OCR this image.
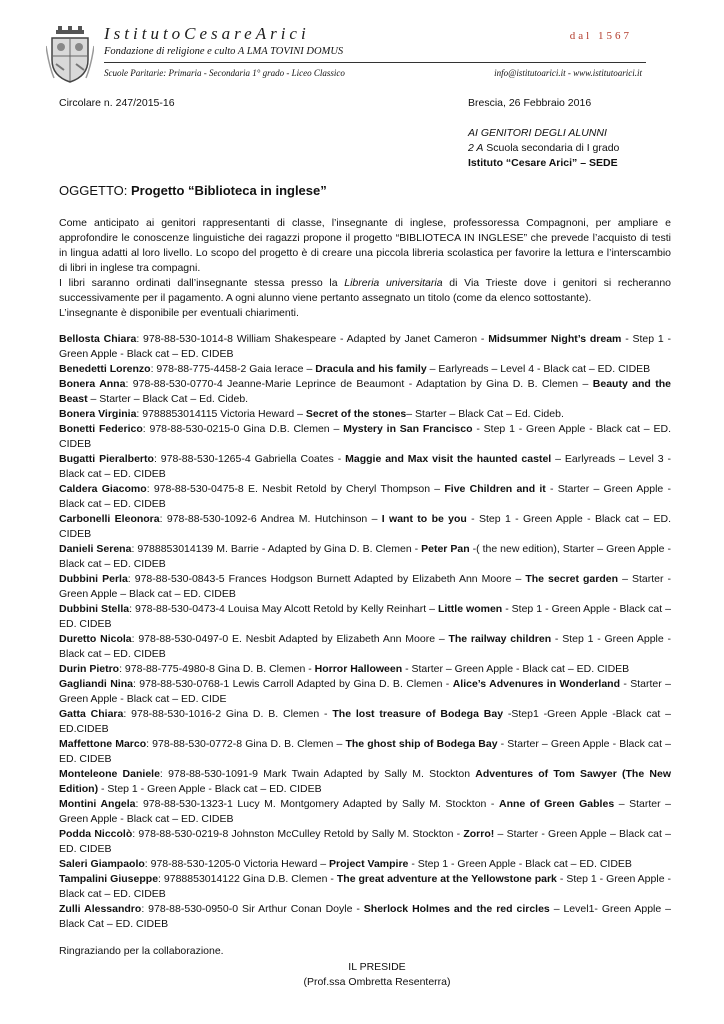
IstitutoCesareArici	dal 1567
Fondazione di religione e culto A LMA TOVINI DOMUS
Scuole Paritarie: Primaria - Secondaria 1° grado - Liceo Classico	info@istitutoarici.it - www.istitutoarici.it
Circolare n. 247/2015-16	Brescia, 26 Febbraio 2016
AI GENITORI DEGLI ALUNNI
2 A Scuola secondaria di I grado
Istituto “Cesare Arici” – SEDE
OGGETTO: Progetto “Biblioteca in inglese”

Come anticipato ai genitori rappresentanti di classe, l’insegnante di inglese, professoressa Compagnoni, per ampliare e approfondire le conoscenze linguistiche dei ragazzi propone il progetto “BIBLIOTECA IN INGLESE” che prevede l’acquisto di testi in lingua adatti al loro livello. Lo scopo del progetto è di creare una piccola libreria scolastica per favorire la lettura e l’interscambio di libri in inglese tra compagni.

I libri saranno ordinati dall’insegnante stessa presso la Libreria universitaria di Via Trieste dove i genitori si recheranno successivamente per il pagamento. A ogni alunno viene pertanto assegnato un titolo (come da elenco sottostante).

L’insegnante è disponibile per eventuali chiarimenti.

Bellosta Chiara: 978-88-530-1014-8 William Shakespeare - Adapted by Janet Cameron - Midsummer Night’s dream - Step 1 - Green Apple - Black cat – ED. CIDEB

Benedetti Lorenzo: 978-88-775-4458-2 Gaia Ierace – Dracula and his family – Earlyreads – Level 4 - Black cat – ED. CIDEB

Bonera Anna: 978-88-530-0770-4 Jeanne-Marie Leprince de Beaumont - Adaptation by Gina D. B. Clemen – Beauty and the Beast – Starter – Black Cat – Ed. Cideb.

Bonera Virginia: 9788853014115 Victoria Heward – Secret of the stones– Starter – Black Cat – Ed. Cideb.

Bonetti Federico: 978-88-530-0215-0 Gina D.B. Clemen – Mystery in San Francisco - Step 1 - Green Apple - Black cat – ED. CIDEB

Bugatti Pieralberto: 978-88-530-1265-4 Gabriella Coates - Maggie and Max visit the haunted castel – Earlyreads – Level 3 - Black cat – ED. CIDEB

Caldera Giacomo: 978-88-530-0475-8 E. Nesbit Retold by Cheryl Thompson – Five Children and it - Starter – Green Apple - Black cat – ED. CIDEB

Carbonelli Eleonora: 978-88-530-1092-6 Andrea M. Hutchinson – I want to be you - Step 1 - Green Apple - Black cat – ED. CIDEB

Danieli Serena: 9788853014139 M. Barrie - Adapted by Gina D. B. Clemen - Peter Pan -( the new edition), Starter – Green Apple - Black cat – ED. CIDEB

Dubbini Perla: 978-88-530-0843-5 Frances Hodgson Burnett Adapted by Elizabeth Ann Moore – The secret garden – Starter - Green Apple – Black cat – ED. CIDEB

Dubbini Stella: 978-88-530-0473-4 Louisa May Alcott Retold by Kelly Reinhart – Little women - Step 1 - Green Apple - Black cat – ED. CIDEB

Duretto Nicola: 978-88-530-0497-0 E. Nesbit Adapted by Elizabeth Ann Moore – The railway children - Step 1 - Green Apple - Black cat – ED. CIDEB

Durin Pietro: 978-88-775-4980-8 Gina D. B. Clemen - Horror Halloween - Starter – Green Apple - Black cat – ED. CIDEB

Gagliandi Nina: 978-88-530-0768-1 Lewis Carroll Adapted by Gina D. B. Clemen - Alice’s Advenures in Wonderland - Starter – Green Apple - Black cat – ED. CIDE

Gatta Chiara: 978-88-530-1016-2 Gina D. B. Clemen - The lost treasure of Bodega Bay -Step1 -Green Apple -Black cat – ED.CIDEB

Maffettone Marco: 978-88-530-0772-8 Gina D. B. Clemen – The ghost ship of Bodega Bay - Starter – Green Apple - Black cat – ED. CIDEB

Monteleone Daniele: 978-88-530-1091-9 Mark Twain Adapted by Sally M. Stockton Adventures of Tom Sawyer (The New Edition) - Step 1 - Green Apple - Black cat – ED. CIDEB

Montini Angela: 978-88-530-1323-1 Lucy M. Montgomery Adapted by Sally M. Stockton - Anne of Green Gables – Starter – Green Apple - Black cat – ED. CIDEB

Podda Niccolò: 978-88-530-0219-8 Johnston McCulley Retold by Sally M. Stockton - Zorro! – Starter - Green Apple – Black cat – ED. CIDEB

Saleri Giampaolo: 978-88-530-1205-0 Victoria Heward – Project Vampire - Step 1 - Green Apple - Black cat – ED. CIDEB

Tampalini Giuseppe: 9788853014122 Gina D.B. Clemen - The great adventure at the Yellowstone park - Step 1 - Green Apple - Black cat – ED. CIDEB

Zulli Alessandro: 978-88-530-0950-0 Sir Arthur Conan Doyle - Sherlock Holmes and the red circles – Level1- Green Apple – Black Cat – ED. CIDEB

Ringraziando per la collaborazione.
IL PRESIDE
(Prof.ssa Ombretta Resenterra)
